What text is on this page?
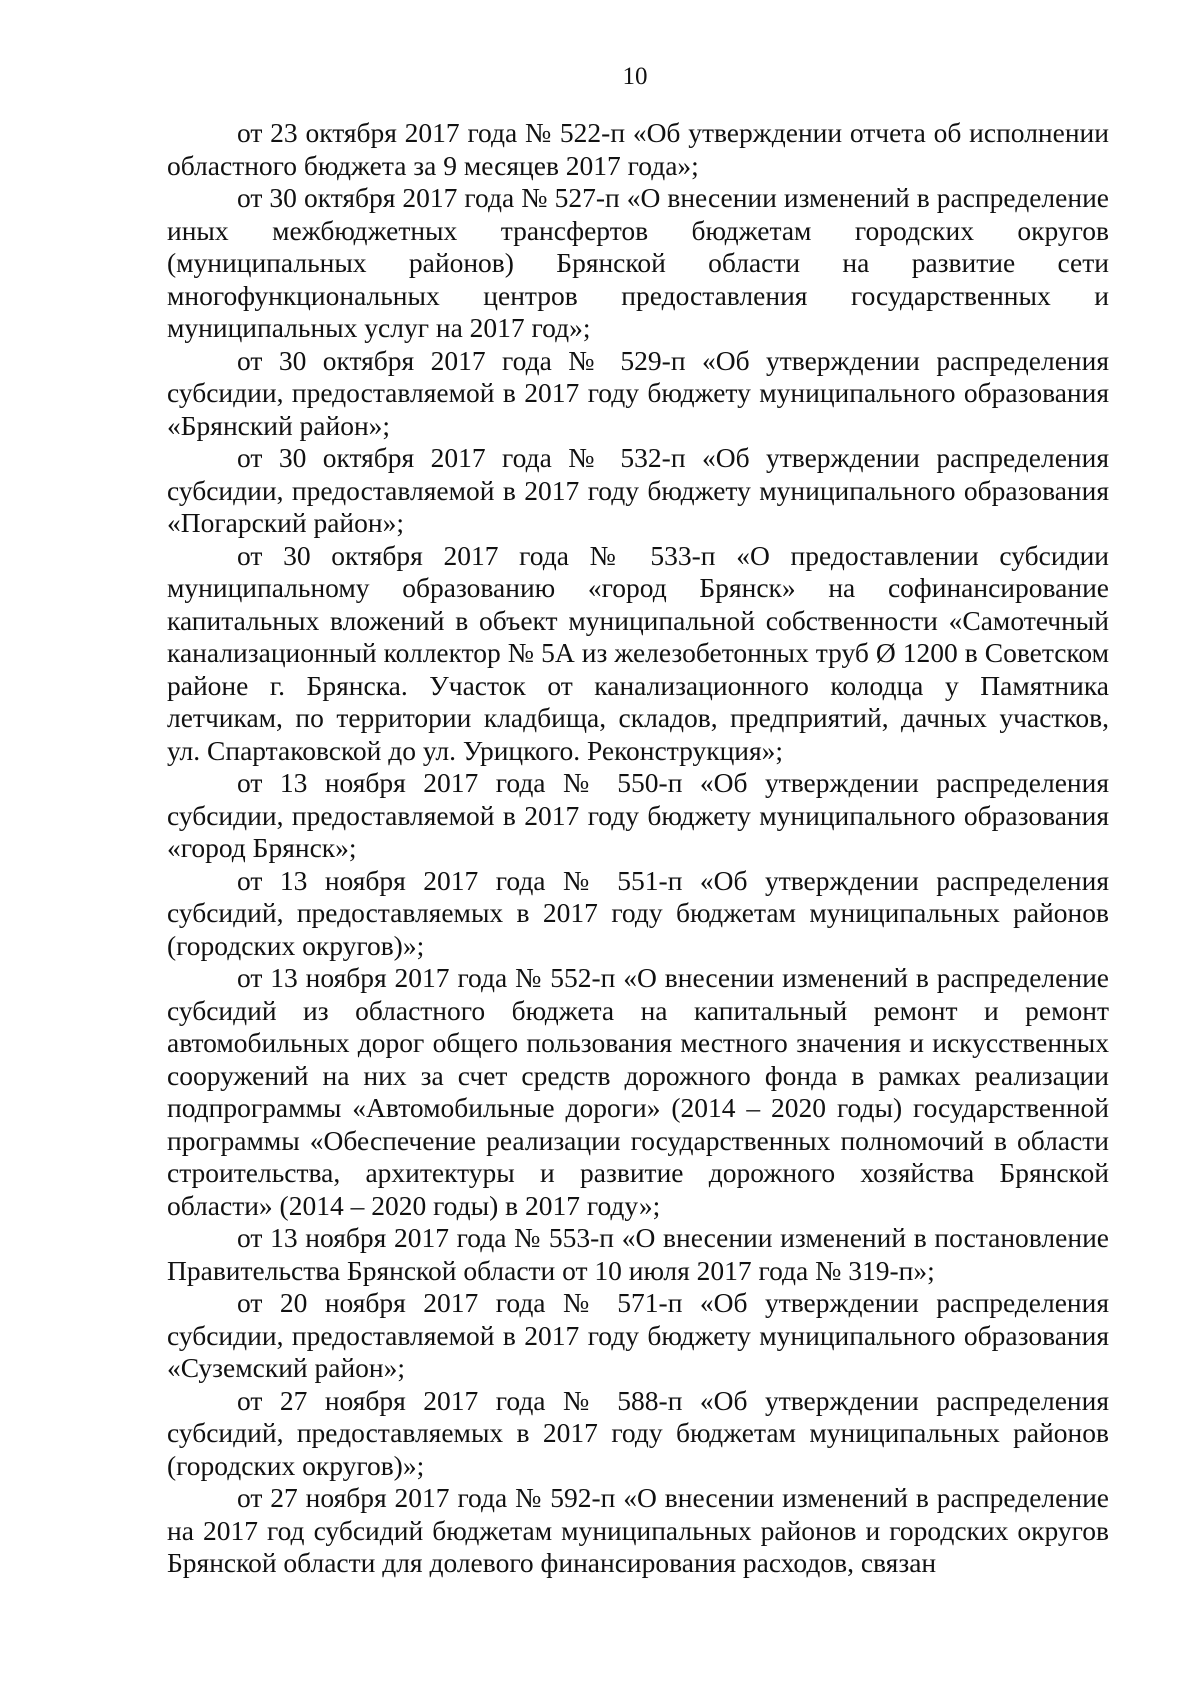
10

от 23 октября 2017 года № 522-п «Об утверждении отчета об исполнении областного бюджета за 9 месяцев 2017 года»;

от 30 октября 2017 года № 527-п «О внесении изменений в распределение иных межбюджетных трансфертов бюджетам городских округов (муниципальных районов) Брянской области на развитие сети многофункциональных центров предоставления государственных и муниципальных услуг на 2017 год»;

от 30 октября 2017 года № 529-п «Об утверждении распределения субсидии, предоставляемой в 2017 году бюджету муниципального образования «Брянский район»;

от 30 октября 2017 года № 532-п «Об утверждении распределения субсидии, предоставляемой в 2017 году бюджету муниципального образования «Погарский район»;

от 30 октября 2017 года № 533-п «О предоставлении субсидии муниципальному образованию «город Брянск» на софинансирование капитальных вложений в объект муниципальной собственности «Самотечный канализационный коллектор № 5А из железобетонных труб Ø 1200 в Советском районе г. Брянска. Участок от канализационного колодца у Памятника летчикам, по территории кладбища, складов, предприятий, дачных участков, ул. Спартаковской до ул. Урицкого. Реконструкция»;

от 13 ноября 2017 года № 550-п «Об утверждении распределения субсидии, предоставляемой в 2017 году бюджету муниципального образования «город Брянск»;

от 13 ноября 2017 года № 551-п «Об утверждении распределения субсидий, предоставляемых в 2017 году бюджетам муниципальных районов (городских округов)»;

от 13 ноября 2017 года № 552-п «О внесении изменений в распределение субсидий из областного бюджета на капитальный ремонт и ремонт автомобильных дорог общего пользования местного значения и искусственных сооружений на них за счет средств дорожного фонда в рамках реализации подпрограммы «Автомобильные дороги» (2014 – 2020 годы) государственной программы «Обеспечение реализации государственных полномочий в области строительства, архитектуры и развитие дорожного хозяйства Брянской области» (2014 – 2020 годы) в 2017 году»;

от 13 ноября 2017 года № 553-п «О внесении изменений в постановление Правительства Брянской области от 10 июля 2017 года № 319-п»;

от 20 ноября 2017 года № 571-п «Об утверждении распределения субсидии, предоставляемой в 2017 году бюджету муниципального образования «Суземский район»;

от 27 ноября 2017 года № 588-п «Об утверждении распределения субсидий, предоставляемых в 2017 году бюджетам муниципальных районов (городских округов)»;

от 27 ноября 2017 года № 592-п «О внесении изменений в распределение на 2017 год субсидий бюджетам муниципальных районов и городских округов Брянской области для долевого финансирования расходов, связан
